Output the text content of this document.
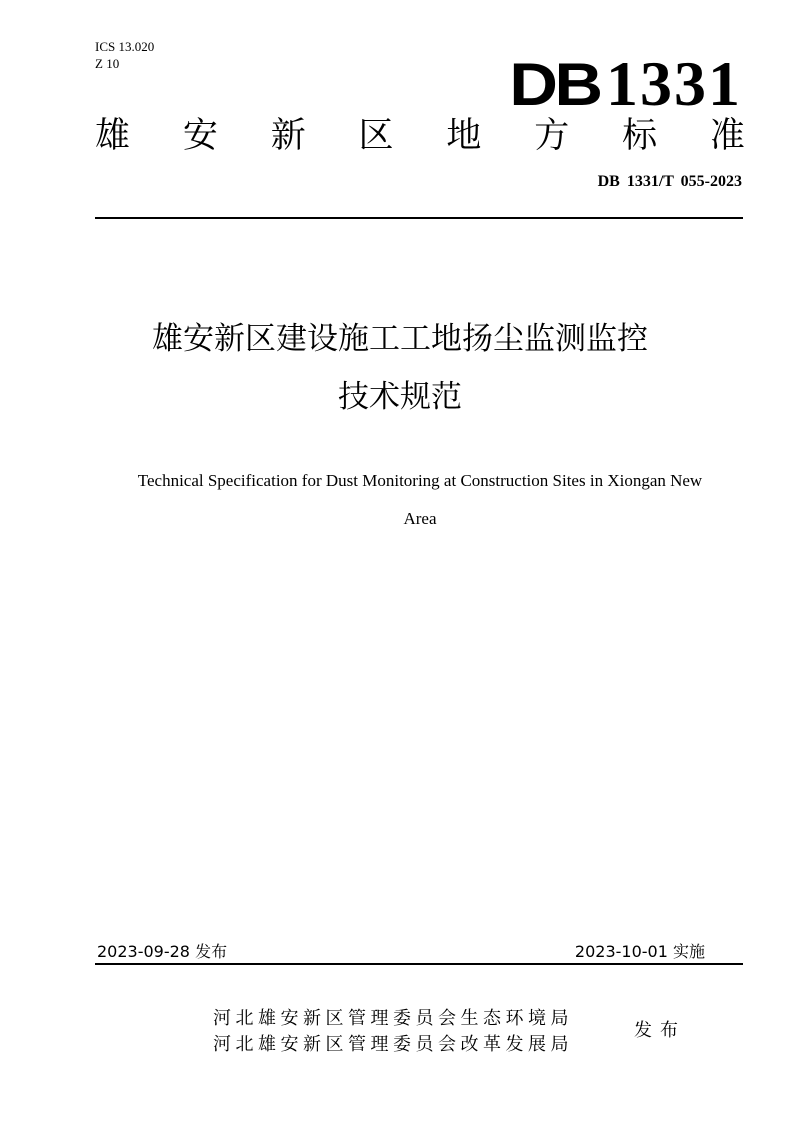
ICS 13.020
Z 10	DB1331
雄 安 新 区 地 方 标 准
DB 1331/T 055-2023
雄安新区建设施工工地扬尘监测监控
技术规范
Technical Specification for Dust Monitoring at Construction Sites in Xiongan New
Area
2023-09-28 发布	2023-10-01 实施
河北雄安新区管理委员会生态环境局
河北雄安新区管理委员会改革发展局
发布
